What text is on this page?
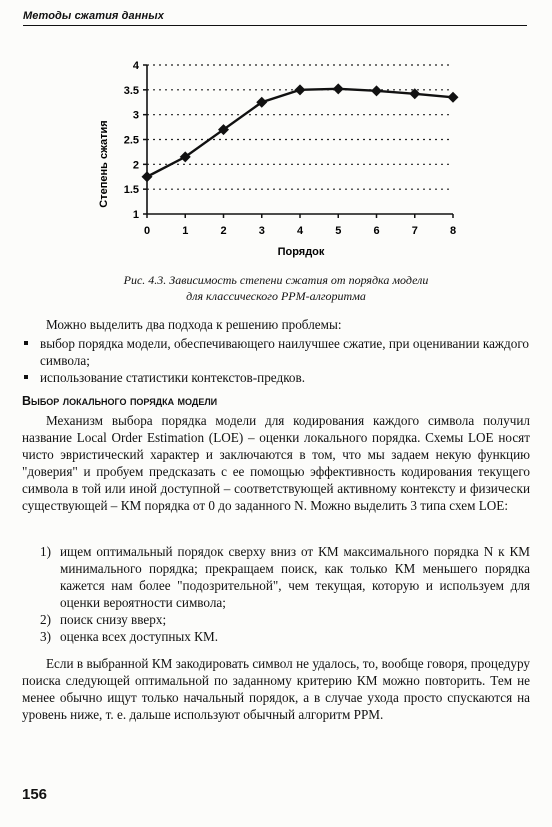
Методы сжатия данных
1
1.5
2
2.5
3
3.5
4
0	1	2	3	4	5	6	7	8
Порядок
Степень сжатия
Рис. 4.3. Зависимость степени сжатия от порядка модели
для классического PPM-алгоритма
Можно выделить два подхода к решению проблемы:

выбор порядка модели, обеспечивающего наилучшее сжатие, при оценивании каждого символа;

использование статистики контекстов-предков.

Выбор локального порядка модели
Механизм выбора порядка модели для кодирования каждого символа получил название Local Order Estimation (LOE) – оценки локального порядка. Схемы LOE носят чисто эвристический характер и заключаются в том, что мы задаем некую функцию "доверия" и пробуем предсказать с ее помощью эффективность кодирования текущего символа в той или иной доступной – соответствующей активному контексту и физически существующей – КМ порядка от 0 до заданного N. Можно выделить 3 типа схем LOE:

1) ищем оптимальный порядок сверху вниз от КМ максимального порядка N к КМ минимального порядка; прекращаем поиск, как только КМ меньшего порядка кажется нам более "подозрительной", чем текущая, которую и используем для оценки вероятности символа;

2) поиск снизу вверх;

3) оценка всех доступных КМ.

Если в выбранной КМ закодировать символ не удалось, то, вообще говоря, процедуру поиска следующей оптимальной по заданному критерию КМ можно повторить. Тем не менее обычно ищут только начальный порядок, а в случае ухода просто спускаются на уровень ниже, т. е. дальше используют обычный алгоритм PPM.
156
